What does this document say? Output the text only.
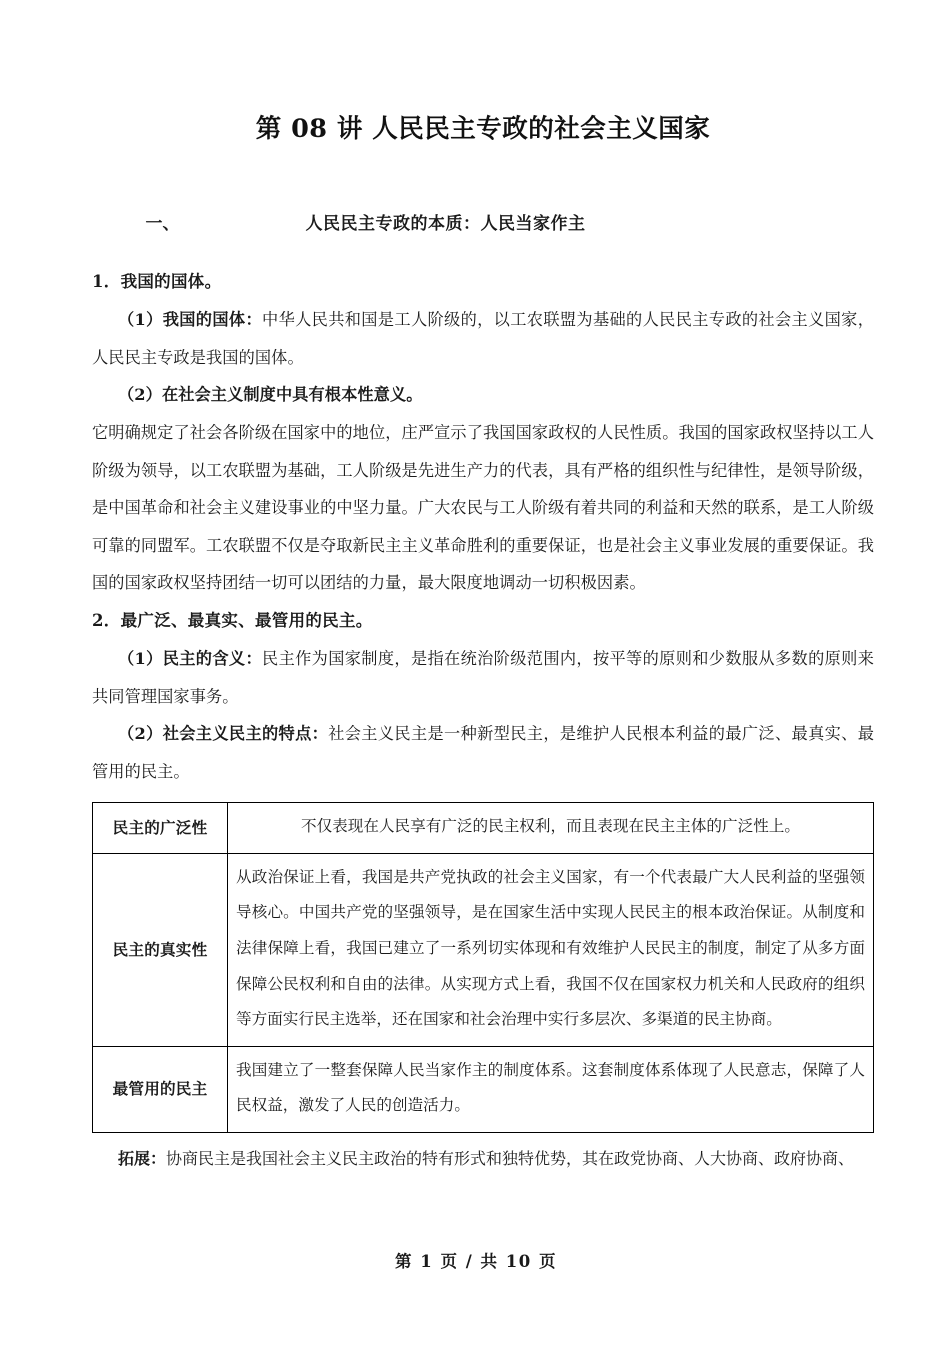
第 08 讲 人民民主专政的社会主义国家

一、	人民民主专政的本质：人民当家作主

1．我国的国体。

（1）我国的国体：中华人民共和国是工人阶级的，以工农联盟为基础的人民民主专政的社会主义国家，人民民主专政是我国的国体。

（2）在社会主义制度中具有根本性意义。

它明确规定了社会各阶级在国家中的地位，庄严宣示了我国国家政权的人民性质。我国的国家政权坚持以工人阶级为领导，以工农联盟为基础，工人阶级是先进生产力的代表，具有严格的组织性与纪律性，是领导阶级，是中国革命和社会主义建设事业的中坚力量。广大农民与工人阶级有着共同的利益和天然的联系，是工人阶级可靠的同盟军。工农联盟不仅是夺取新民主主义革命胜利的重要保证，也是社会主义事业发展的重要保证。我国的国家政权坚持团结一切可以团结的力量，最大限度地调动一切积极因素。

2．最广泛、最真实、最管用的民主。

（1）民主的含义：民主作为国家制度，是指在统治阶级范围内，按平等的原则和少数服从多数的原则来共同管理国家事务。

（2）社会主义民主的特点：社会主义民主是一种新型民主，是维护人民根本利益的最广泛、最真实、最管用的民主。

民主的广泛性	不仅表现在人民享有广泛的民主权利，而且表现在民主主体的广泛性上。
民主的真实性	从政治保证上看，我国是共产党执政的社会主义国家，有一个代表最广大人民利益的坚强领导核心。中国共产党的坚强领导，是在国家生活中实现人民民主的根本政治保证。从制度和法律保障上看，我国已建立了一系列切实体现和有效维护人民民主的制度，制定了从多方面保障公民权利和自由的法律。从实现方式上看，我国不仅在国家权力机关和人民政府的组织等方面实行民主选举，还在国家和社会治理中实行多层次、多渠道的民主协商。
最管用的民主	我国建立了一整套保障人民当家作主的制度体系。这套制度体系体现了人民意志，保障了人民权益，激发了人民的创造活力。

拓展：协商民主是我国社会主义民主政治的特有形式和独特优势，其在政党协商、人大协商、政府协商、

第 1 页 / 共 10 页
